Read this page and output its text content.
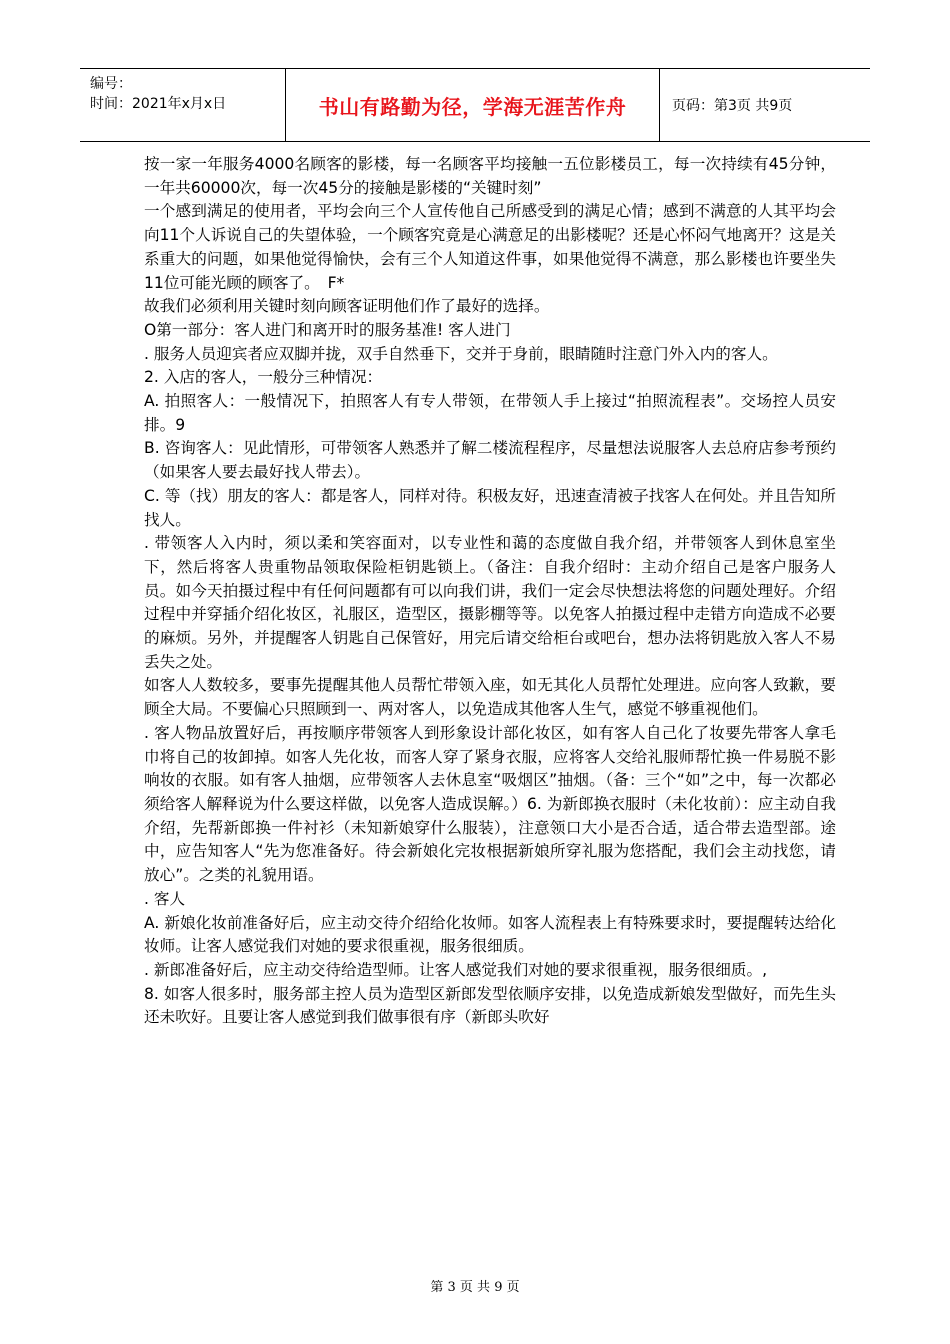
编号：
时间：2021年x月x日	书山有路勤为径，学海无涯苦作舟	页码：第3页 共9页

按一家一年服务4000名顾客的影楼，每一名顾客平均接触一五位影楼员工，每一次持续有45分钟，一年共60000次，每一次45分的接触是影楼的“关键时刻”

一个感到满足的使用者，平均会向三个人宣传他自己所感受到的满足心情；感到不满意的人其平均会向11个人诉说自己的失望体验，一个顾客究竟是心满意足的出影楼呢？还是心怀闷气地离开？这是关系重大的问题，如果他觉得愉快，会有三个人知道这件事，如果他觉得不满意，那么影楼也许要坐失11位可能光顾的顾客了。　F*

故我们必须利用关键时刻向顾客证明他们作了最好的选择。

O第一部分：客人进门和离开时的服务基准! 客人进门

. 服务人员迎宾者应双脚并拢，双手自然垂下，交并于身前，眼睛随时注意门外入内的客人。

2. 入店的客人，一般分三种情况：

A. 拍照客人：一般情况下，拍照客人有专人带领，在带领人手上接过“拍照流程表”。交场控人员安排。9

B. 咨询客人：见此情形，可带领客人熟悉并了解二楼流程程序，尽量想法说服客人去总府店参考预约（如果客人要去最好找人带去）。

C. 等（找）朋友的客人：都是客人，同样对待。积极友好，迅速查清被子找客人在何处。并且告知所找人。

. 带领客人入内时，须以柔和笑容面对，以专业性和蔼的态度做自我介绍，并带领客人到休息室坐下，然后将客人贵重物品领取保险柜钥匙锁上。（备注：自我介绍时：主动介绍自己是客户服务人员。如今天拍摄过程中有任何问题都有可以向我们讲，我们一定会尽快想法将您的问题处理好。介绍过程中并穿插介绍化妆区，礼服区，造型区，摄影棚等等。以免客人拍摄过程中走错方向造成不必要的麻烦。另外，并提醒客人钥匙自己保管好，用完后请交给柜台或吧台，想办法将钥匙放入客人不易丢失之处。

如客人人数较多，要事先提醒其他人员帮忙带领入座，如无其化人员帮忙处理进。应向客人致歉，要顾全大局。不要偏心只照顾到一、两对客人，以免造成其他客人生气，感觉不够重视他们。

. 客人物品放置好后，再按顺序带领客人到形象设计部化妆区，如有客人自己化了妆要先带客人拿毛巾将自己的妆卸掉。如客人先化妆，而客人穿了紧身衣服，应将客人交给礼服师帮忙换一件易脱不影响妆的衣服。如有客人抽烟，应带领客人去休息室“吸烟区”抽烟。（备：三个“如”之中，每一次都必须给客人解释说为什么要这样做，以免客人造成误解。）6. 为新郎换衣服时（未化妆前）：应主动自我介绍，先帮新郎换一件衬衫（未知新娘穿什么服装），注意领口大小是否合适，适合带去造型部。途中，应告知客人“先为您准备好。待会新娘化完妆根据新娘所穿礼服为您搭配，我们会主动找您，请放心”。之类的礼貌用语。

. 客人

A. 新娘化妆前准备好后，应主动交待介绍给化妆师。如客人流程表上有特殊要求时，要提醒转达给化妆师。让客人感觉我们对她的要求很重视，服务很细质。

. 新郎准备好后，应主动交待给造型师。让客人感觉我们对她的要求很重视，服务很细质。,

8. 如客人很多时，服务部主控人员为造型区新郎发型依顺序安排，以免造成新娘发型做好，而先生头还未吹好。且要让客人感觉到我们做事很有序（新郎头吹好

第 3 页 共 9 页
